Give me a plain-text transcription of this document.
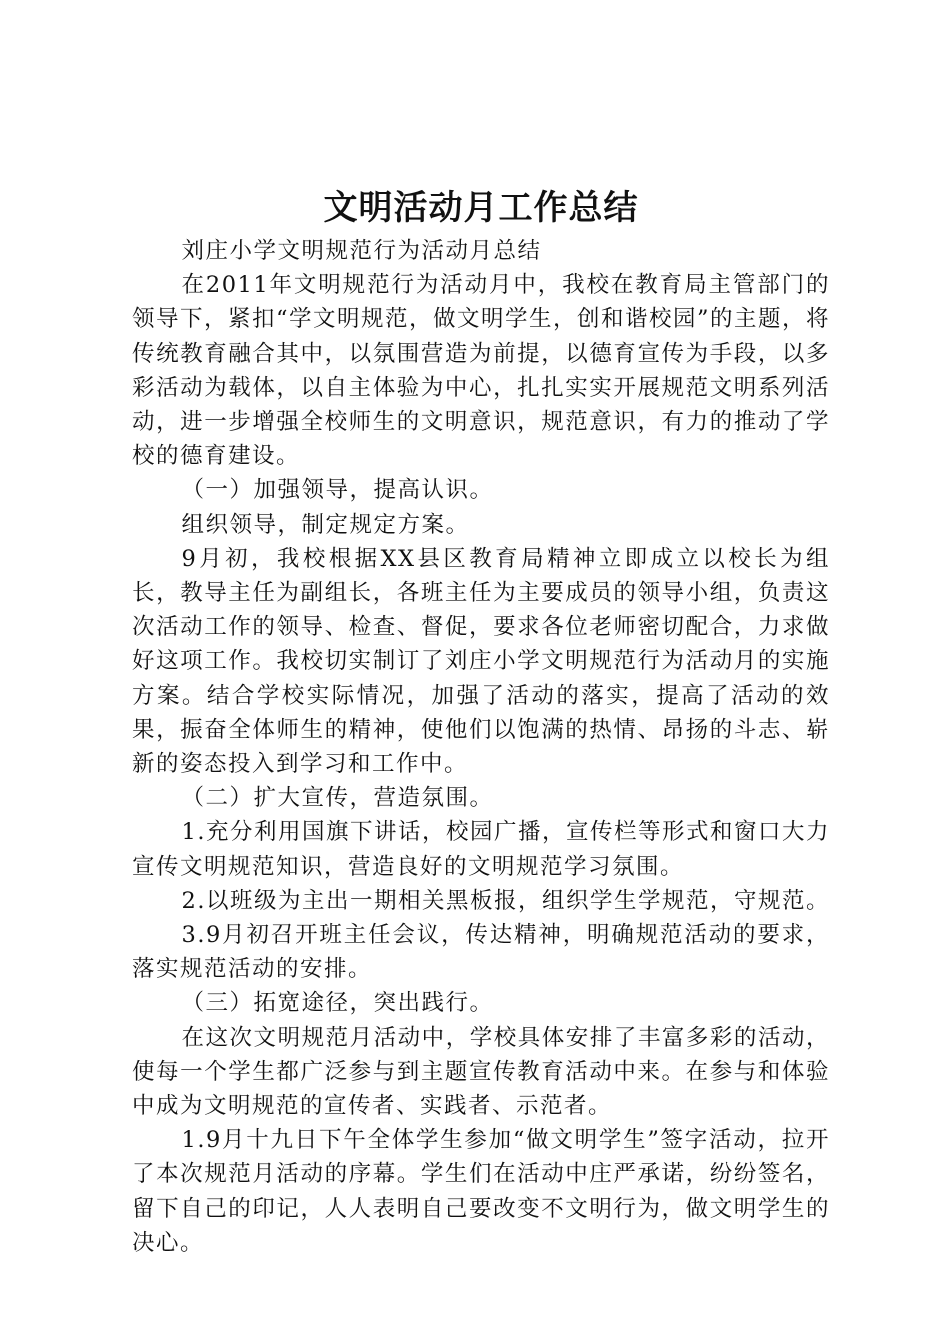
文明活动月工作总结

刘庄小学文明规范行为活动月总结

在2011年文明规范行为活动月中，我校在教育局主管部门的领导下，紧扣“学文明规范，做文明学生，创和谐校园”的主题，将传统教育融合其中，以氛围营造为前提，以德育宣传为手段，以多彩活动为载体，以自主体验为中心，扎扎实实开展规范文明系列活动，进一步增强全校师生的文明意识，规范意识，有力的推动了学校的德育建设。

（一）加强领导，提高认识。

组织领导，制定规定方案。

9月初，我校根据XX县区教育局精神立即成立以校长为组长，教导主任为副组长，各班主任为主要成员的领导小组，负责这次活动工作的领导、检查、督促，要求各位老师密切配合，力求做好这项工作。我校切实制订了刘庄小学文明规范行为活动月的实施方案。结合学校实际情况，加强了活动的落实，提高了活动的效果，振奋全体师生的精神，使他们以饱满的热情、昂扬的斗志、崭新的姿态投入到学习和工作中。

（二）扩大宣传，营造氛围。

1.充分利用国旗下讲话，校园广播，宣传栏等形式和窗口大力宣传文明规范知识，营造良好的文明规范学习氛围。

2.以班级为主出一期相关黑板报，组织学生学规范，守规范。

3.9月初召开班主任会议，传达精神，明确规范活动的要求，落实规范活动的安排。

（三）拓宽途径，突出践行。

在这次文明规范月活动中，学校具体安排了丰富多彩的活动，使每一个学生都广泛参与到主题宣传教育活动中来。在参与和体验中成为文明规范的宣传者、实践者、示范者。

1.9月十九日下午全体学生参加“做文明学生”签字活动，拉开了本次规范月活动的序幕。学生们在活动中庄严承诺，纷纷签名，留下自己的印记，人人表明自己要改变不文明行为，做文明学生的决心。
